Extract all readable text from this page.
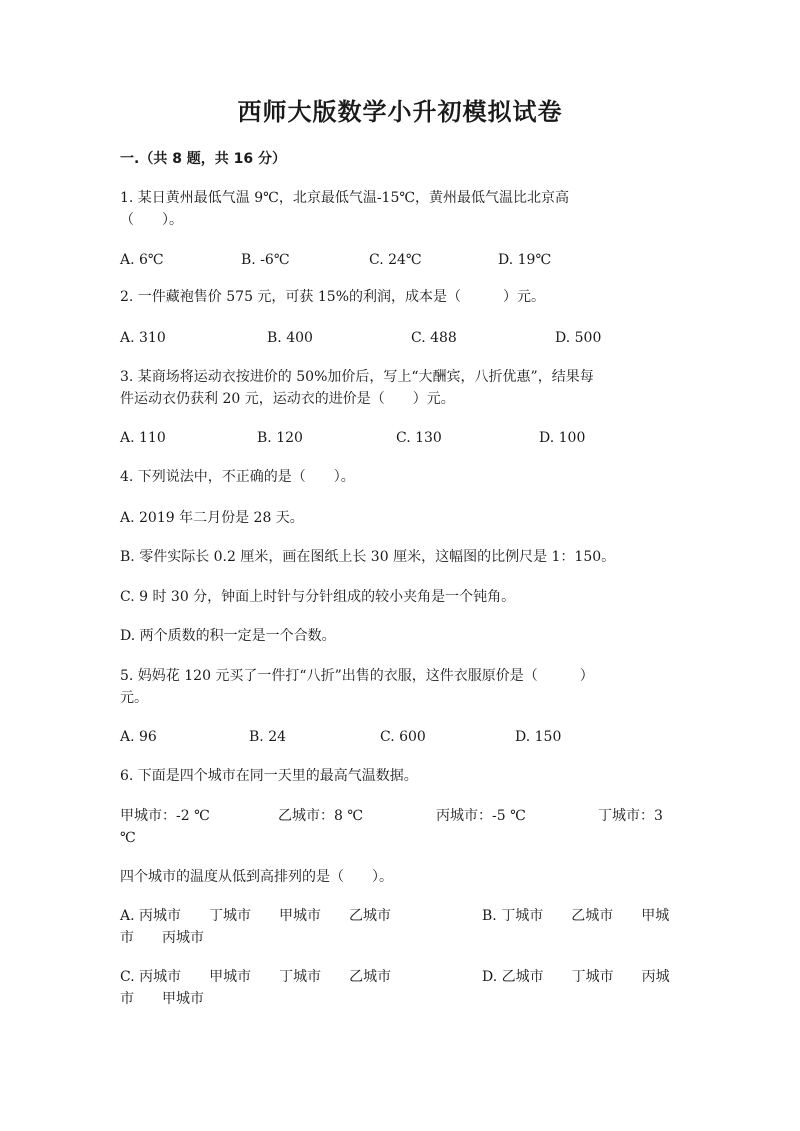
西师大版数学小升初模拟试卷
一.（共 8 题，共 16 分）
1. 某日黄州最低气温 9℃，北京最低气温-15℃，黄州最低气温比北京高
（　　）。
A. 6℃	B. -6℃	C. 24℃	D. 19℃
2. 一件藏袍售价 575 元，可获 15%的利润，成本是（　　　）元。
A. 310	B. 400	C. 488	D. 500
3. 某商场将运动衣按进价的 50%加价后，写上“大酬宾，八折优惠”，结果每
件运动衣仍获利 20 元，运动衣的进价是（　　）元。
A. 110	B. 120	C. 130	D. 100
4. 下列说法中，不正确的是（　　）。
A. 2019 年二月份是 28 天。
B. 零件实际长 0.2 厘米，画在图纸上长 30 厘米，这幅图的比例尺是 1：150。
C. 9 时 30 分，钟面上时针与分针组成的较小夹角是一个钝角。
D. 两个质数的积一定是一个合数。
5. 妈妈花 120 元买了一件打“八折”出售的衣服，这件衣服原价是（　　　）
元。
A. 96	B. 24	C. 600	D. 150
6. 下面是四个城市在同一天里的最高气温数据。
甲城市：-2 ℃	乙城市：8 ℃	丙城市：-5 ℃	丁城市：3
℃
四个城市的温度从低到高排列的是（　　）。
A. 丙城市　　丁城市　　甲城市　　乙城市	B. 丁城市　　乙城市　　甲城
市　　丙城市
C. 丙城市　　甲城市　　丁城市　　乙城市	D. 乙城市　　丁城市　　丙城
市　　甲城市
